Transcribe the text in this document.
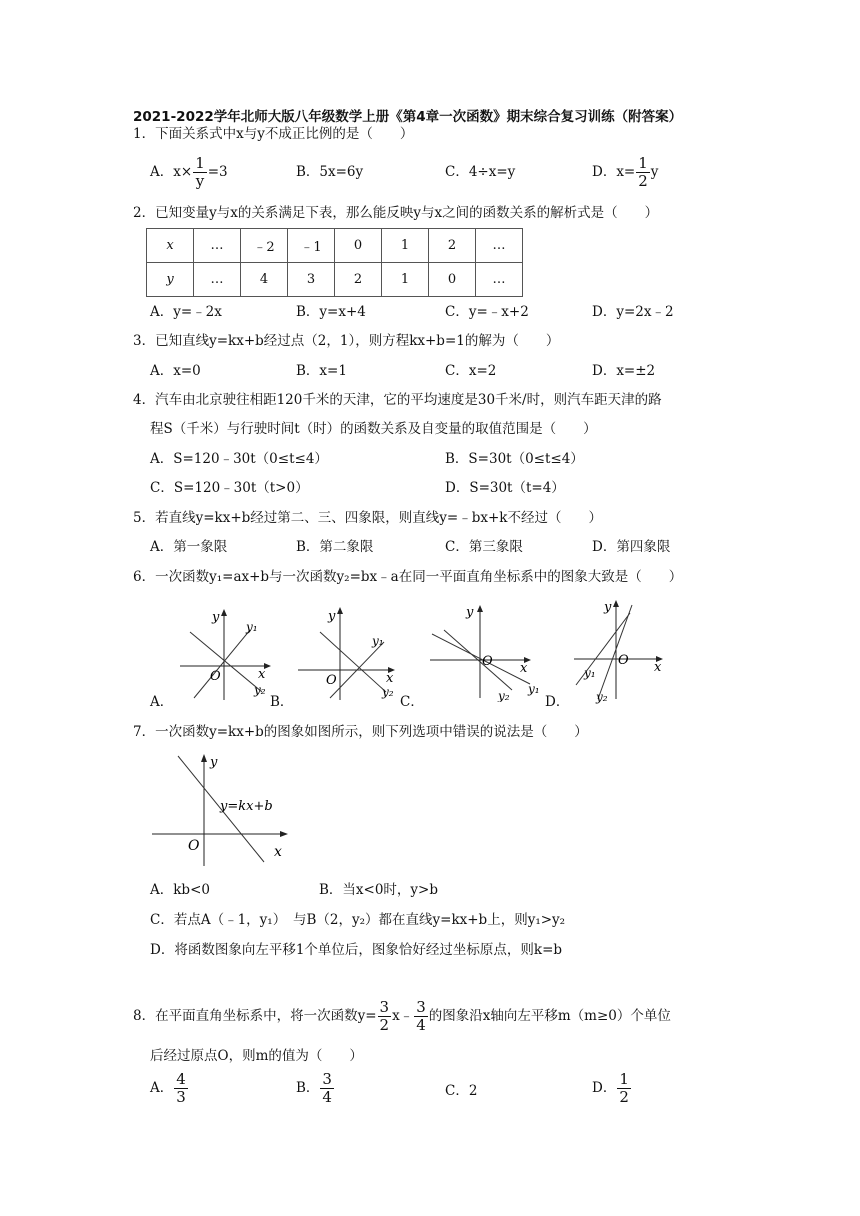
2021-2022学年北师大版八年级数学上册《第4章一次函数》期末综合复习训练（附答案）
1．下面关系式中x与y不成正比例的是（　　）
A．$x\times \frac{1}{y} =3$	B．5x=6y	C．4÷x=y	D．$x= \frac{1}{2}$ y
2．已知变量y与x的关系满足下表，那么能反映y与x之间的函数关系的解析式是（　　）
x	…	﹣2	﹣1	0	1	2	…
y	…	4	3	2	1	0	…
A．y=﹣2x	B．y=x+4	C．y=﹣x+2	D．y=2x﹣2
3．已知直线y=kx+b经过点（2，1），则方程kx+b=1的解为（　　）
A．x=0	B．x=1	C．x=2	D．x=±2
4．汽车由北京驶往相距120千米的天津，它的平均速度是30千米/时，则汽车距天津的路
程S（千米）与行驶时间t（时）的函数关系及自变量的取值范围是（　　）
A．S=120﹣30t（0≤t≤4）	B．S=30t（0≤t≤4）
C．S=120﹣30t（t>0）	D．S=30t（t=4）
5．若直线y=kx+b经过第二、三、四象限，则直线y=﹣bx+k不经过（　　）
A．第一象限	B．第二象限	C．第三象限	D．第四象限
6．一次函数y₁=ax+b与一次函数y₂=bx﹣a在同一平面直角坐标系中的图象大致是（　　）
y
y₁
x
O
y₂
A．
y
y₁
x
O
y₂
B．
y
x
O
y₂ y₁
C．
y
x
O
y₁
y₂
D．
7．一次函数y=kx+b的图象如图所示，则下列选项中错误的说法是（　　）
y
y=kx+b
x
O
A．kb<0	B．当x<0时，y>b
C．若点A（﹣1，y₁）　与B（2，y₂）都在直线y=kx+b上，则y₁>y₂
D．将函数图象向左平移1个单位后，图象恰好经过坐标原点，则k=b
8．在平面直角坐标系中，将一次函数$y= \frac{3}{2}$ x﹣ $\frac{3}{4}$ 的图象沿x轴向左平移m（m≥0）个单位
后经过原点O，则m的值为（　　）
A． $\frac{4}{3}$	B． $\frac{3}{4}$	C．2	D． $\frac{1}{2}$
